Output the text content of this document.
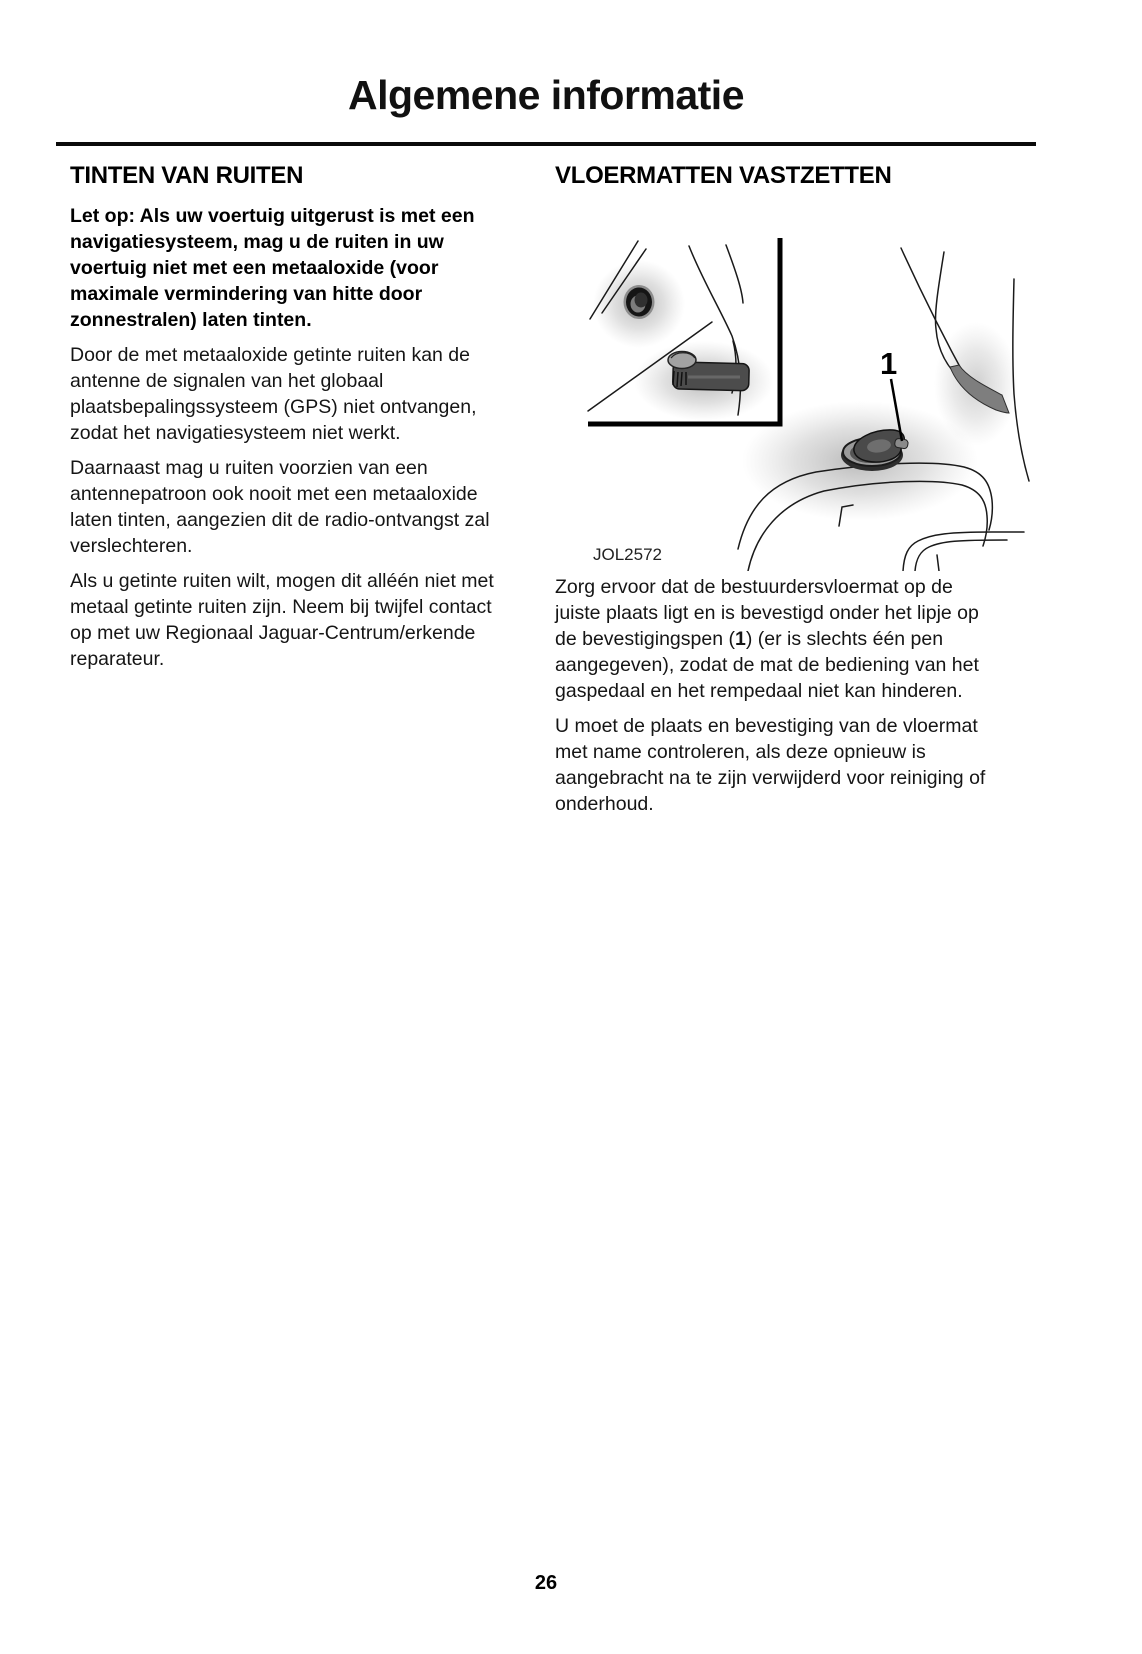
Algemene informatie
TINTEN VAN RUITEN

Let op: Als uw voertuig uitgerust is met een navigatiesysteem, mag u de ruiten in uw voertuig niet met een metaaloxide (voor maximale vermindering van hitte door zonnestralen) laten tinten.

Door de met metaaloxide getinte ruiten kan de antenne de signalen van het globaal plaatsbepalingssysteem (GPS) niet ontvangen, zodat het navigatiesysteem niet werkt.

Daarnaast mag u ruiten voorzien van een antennepatroon ook nooit met een metaaloxide laten tinten, aangezien dit de radio-ontvangst zal verslechteren.

Als u getinte ruiten wilt, mogen dit alléén niet met metaal getinte ruiten zijn. Neem bij twijfel contact op met uw Regionaal Jaguar-Centrum/erkende reparateur.

VLOERMATTEN VASTZETTEN
1
JOL2572

Zorg ervoor dat de bestuurdersvloermat op de juiste plaats ligt en is bevestigd onder het lipje op de bevestigingspen (1) (er is slechts één pen aangegeven), zodat de mat de bediening van het gaspedaal en het rempedaal niet kan hinderen.

U moet de plaats en bevestiging van de vloermat met name controleren, als deze opnieuw is aangebracht na te zijn verwijderd voor reiniging of onderhoud.

26
